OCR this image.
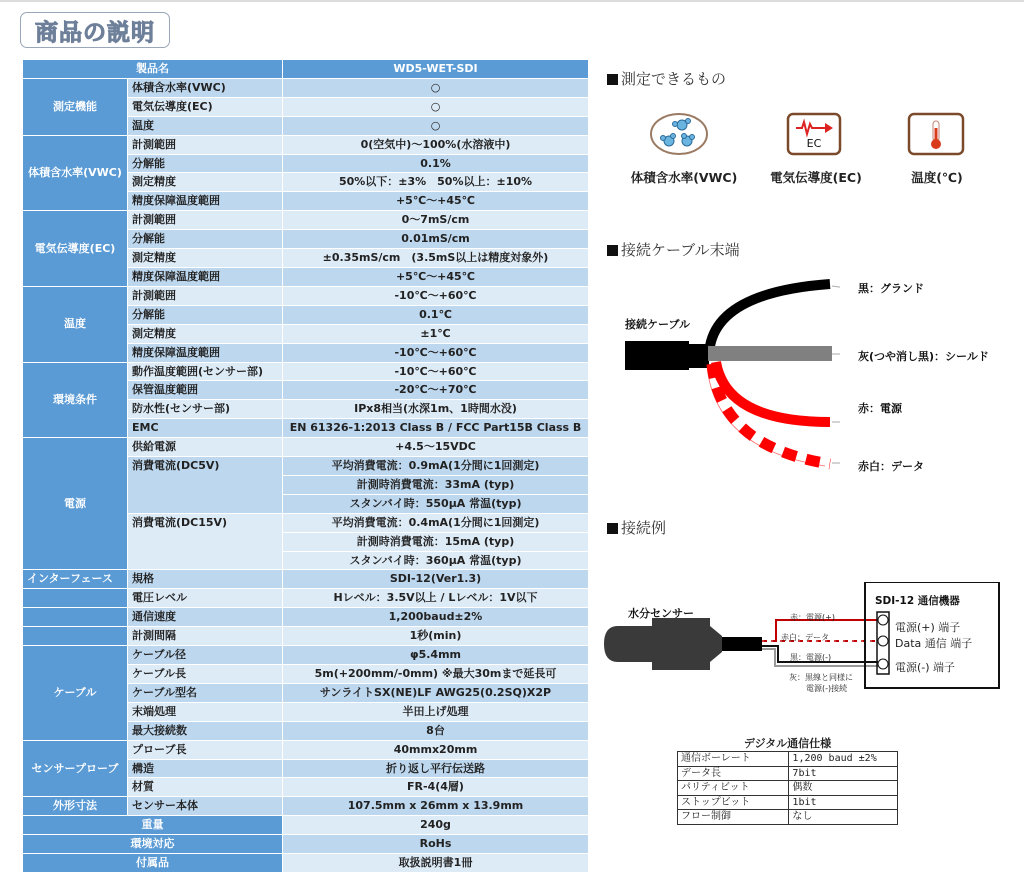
商品の説明
製品名		WD5-WET-SDI
測定機能	体積含水率(VWC)	○
	電気伝導度(EC)	○
	温度	○
体積含水率(VWC)	計測範囲	0(空気中)～100%(水溶液中)
	分解能	0.1%
	測定精度	50%以下：±3%　50%以上：±10%
	精度保障温度範囲	+5℃～+45℃
電気伝導度(EC)	計測範囲	0～7mS/cm
	分解能	0.01mS/cm
	測定精度	±0.35mS/cm　(3.5mS以上は精度対象外)
	精度保障温度範囲	+5℃～+45℃
温度	計測範囲	-10℃～+60℃
	分解能	0.1℃
	測定精度	±1℃
	精度保障温度範囲	-10℃～+60℃
環境条件	動作温度範囲(センサー部)	-10℃～+60℃
	保管温度範囲	-20℃～+70℃
	防水性(センサー部)	IPx8相当(水深1m、1時間水没)
	EMC	EN 61326-1:2013 Class B / FCC Part15B Class B
電源	供給電源	+4.5～15VDC
	消費電流(DC5V)	平均消費電流：0.9mA(1分間に1回測定)
		計測時消費電流：33mA (typ)
		スタンバイ時：550μA 常温(typ)
	消費電流(DC15V)	平均消費電流：0.4mA(1分間に1回測定)
		計測時消費電流：15mA (typ)
		スタンバイ時：360μA 常温(typ)
インターフェース	規格	SDI-12(Ver1.3)
	電圧レベル	Hレベル：3.5V以上 / Lレベル：1V以下
	通信速度	1,200baud±2%
	計測間隔	1秒(min)
ケーブル	ケーブル径	φ5.4mm
	ケーブル長	5m(+200mm/-0mm) ※最大30mまで延長可
	ケーブル型名	サンライトSX(NE)LF AWG25(0.2SQ)X2P
	末端処理	半田上げ処理
	最大接続数	8台
センサープローブ	プローブ長	40mmx20mm
	構造	折り返し平行伝送路
	材質	FR-4(4層)
外形寸法	センサー本体	107.5mm x 26mm x 13.9mm
重量		240g
環境対応		RoHs
付属品		取扱説明書1冊
測定できるもの
EC
体積含水率(VWC)	電気伝導度(EC)	温度(℃)
接続ケーブル末端
接続ケーブル
黒：グランド
灰(つや消し黒)：シールド
赤：電源
赤白：データ
接続例
水分センサー
SDI-12 通信機器
赤：電源(+)
赤白：データ
黒：電源(-)
灰：黒線と同様に
電源(-)接続
電源(+) 端子
Data 通信 端子
電源(-) 端子
デジタル通信仕様
通信ボーレート	1,200 baud ±2%
データ長	7bit
パリティビット	偶数
ストップビット	1bit
フロー制御	なし
